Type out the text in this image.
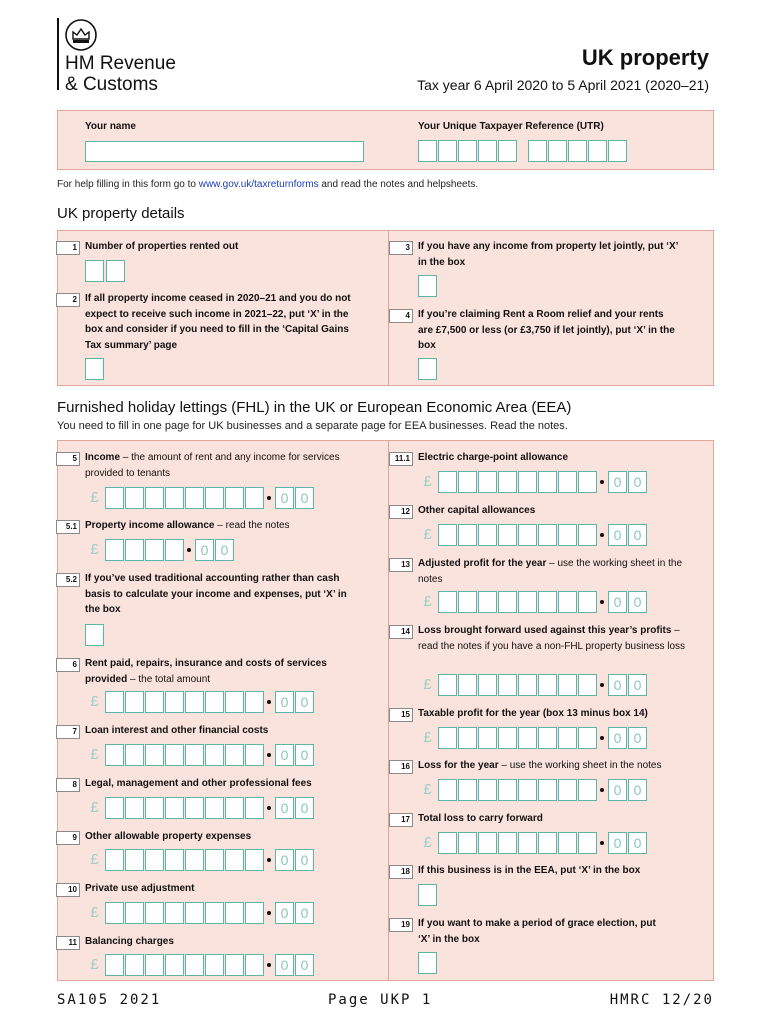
HM Revenue
& Customs
UK property
Tax year 6 April 2020 to 5 April 2021 (2020–21)
Your name	Your Unique Taxpayer Reference (UTR)
For help filling in this form go to www.gov.uk/taxreturnforms and read the notes and helpsheets.
UK property details
1 Number of properties rented out
2 If all property income ceased in 2020–21 and you do not expect to receive such income in 2021–22, put ‘X’ in the box and consider if you need to fill in the ‘Capital Gains Tax summary’ page
3 If you have any income from property let jointly, put ‘X’ in the box
4 If you’re claiming Rent a Room relief and your rents are £7,500 or less (or £3,750 if let jointly), put ‘X’ in the box
Furnished holiday lettings (FHL) in the UK or European Economic Area (EEA)
You need to fill in one page for UK businesses and a separate page for EEA businesses. Read the notes.
5 Income – the amount of rent and any income for services provided to tenants
£	0 0
5.1 Property income allowance – read the notes
£	0 0
5.2 If you’ve used traditional accounting rather than cash basis to calculate your income and expenses, put ‘X’ in the box
6 Rent paid, repairs, insurance and costs of services provided – the total amount
£	0 0
7 Loan interest and other financial costs
£	0 0
8 Legal, management and other professional fees
£	0 0
9 Other allowable property expenses
£	0 0
10 Private use adjustment
£	0 0
11 Balancing charges
£	0 0
11.1 Electric charge-point allowance
£	0 0
12 Other capital allowances
£	0 0
13 Adjusted profit for the year – use the working sheet in the notes
£	0 0
14 Loss brought forward used against this year’s profits – read the notes if you have a non-FHL property business loss
£	0 0
15 Taxable profit for the year (box 13 minus box 14)
£	0 0
16 Loss for the year – use the working sheet in the notes
£	0 0
17 Total loss to carry forward
£	0 0
18 If this business is in the EEA, put ‘X’ in the box
19 If you want to make a period of grace election, put ‘X’ in the box
SA105 2021	Page UKP 1	HMRC 12/20
